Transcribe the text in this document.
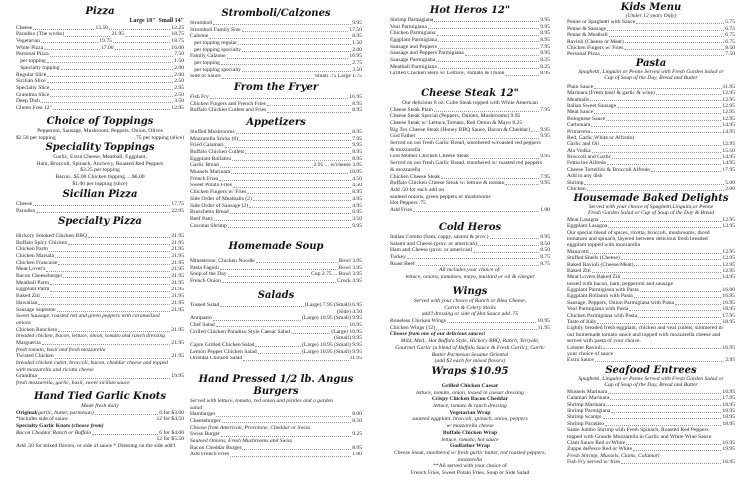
Pizza
Large 18"  Small 14"
Cheese	13.50	12.25
Paradiso (The works)	21.95	18.75
Vegetarian	19.75	18.75
White Pizza	17.00	16.00
Personal Pizza	7.50
per topping	1.50
Specialty topping	2.00
Regular Slice	2.00
Sicilian Slice	2.50
Specialty Slice	2.95
Grandma Slice	2.50
Deep Dish	3.50
Gluten Free 12"	12.95
Choice of Toppings
Pepperoni, Sausage, Mushroom, Peppers, Onion, Olives
$2.50 per topping	.75 per topping (slice)
Speciality Toppings
Garlic, Extra Cheese, Meatball, Eggplant,
Ham, Broccoli, Spinach, Anchovy, Roasted Red Peppers
$3.25 per topping
Bacon...$5.00 Chicken topping.....$6.00
$1.00 per topping (slice)
Sicilian Pizza
Cheese	17.75
Paradiso	22.95
Specialty Pizza
Hickory Smoked Chicken BBQ	21.95
Buffalo Spicy Chicken	21.95
Chicken Parm	21.95
Chicken Marsala	21.95
Chicken Francaise	21.95
Meat Lover's	21.95
Bacon Cheeseburger	21.95
Meatball Parm	21.95
Eggplant Parm	21.95
Baked Ziti	21.95
Hawaiian	21.95
Sausage Supreme	21.95
Sweet Sausage, roasted red and green peppers with caramelized
onions
Chicken Ranchero	21.95
breaded chicken, bacon, lettuce, onion, tomato and ranch dressing
Marguerita	21.95
fresh tomato, basil and fresh mozzarella
Twisted Chicken	21.95
breaded chicken cutlet, broccoli, bacon, cheddar cheese and topped
with mozzarella and ricotta cheese
Grandma	19.95
fresh mozzarella, garlic, basil, sweet sicilian sauce
Hand Tied Garlic Knots
Made fresh daily
Original (garlic, butter, parmesan)	6 for $3.00
*includes side of sauce	12 for $4.50
Specialty Garlic Knots (choose from)
Bacon Cheddar Ranch or Buffalo	6 for $4.00
12 for $5.50
Add .50 for mixed flavors, or side of sauce * Dressing on the side add'l
Stromboli/Calzones
Stromboli	9.95
Stromboli Family Size	17.50
Calzone	8.95
per topping regular	1.50
per topping specialty	2.00
Family Calzone	16.95
per topping	2.75
per topping specialty	3.50
Side of Sauce	Small .75 Large 1.75
From the Fryer
Fish Fry	16.95
Chicken Fingers and French Fries	8.95
Buffalo Chicken Cutlets and Fries	8.95
Appetizers
Stuffed Mushrooms	8.95
Mozzarella Sticks (6)	7.95
Fried Calamari	9.95
Buffalo Chicken Cutlets	8.95
Eggplant Rollatini	8.95
Garlic Bread	2.95 ... w/cheese 3.95
Mussels Marinara	10.95
French Fries	4.50
Sweet Potato Fries	4.50
Chicken Fingers w/ Fries	8.95
Side Order of Meatballs (2)	4.95
Side Order of Sausage (2)	4.95
Bruschetta Bread	6.95
Beef Patty	3.50
Coconut Shrimp	9.95
Homemade Soup
Minestrone, Chicken Noodle	Bowl 3.95
Pasta Fagioli	Bowl 3.95
Soup of the Day	Cup 2.75 ... Bowl 3.95
French Onion	Crock 4.95
Salads
Tossed Salad	(Large) 7.95 (Small) 6.95
(Side) 4.50
Antipasto	(Large) 10.95 (Small) 9.95
Chef Salad	10.95
Grilled Chicken Paradiso Style Caesar Salad	(Large) 10.95
(Small) 9.95
Cajun Grilled Chicken Salad	(Large) 10.95 (Small) 9.95
Lemon Pepper Chicken Salad	(Large) 10.95 (Small) 9.95
Oriental Chicken Salad	11.95
Hand Pressed 1/2 lb. Angus Burgers
Served with lettuce, tomato, red onion and pickles and a garden
salad
Hamburger	8.00
Cheeseburger	8.50
Choose from American, Provolone, Cheddar or Swiss
Swiss Burger	9.25
Sauteed Onions, Fresh Mushrooms and Swiss
Bacon Cheddar Burger	8.95
Add French Fries	1.00
Hot Heros 12"
Shrimp Parmigiana	9.95
Veal Parmigiana	9.95
Chicken Parmigiana	8.95
Eggplant Parmigiana	8.95
Sausage and Peppers	7.95
Sausage and Peppers Parmigiana	8.95
Sausage Parmigiana	8.25
Meatball Parmigiana	8.25
Grilled Chicken Hero w/ Lettuce, Tomato & Onion	8.95
Cheese Steak 12"
Our delicious 8 oz. Cube Steak topped with White American
Cheese Steak Plain	7.95
Cheese Steak Special (Peppers, Onions, Mushrooms) 9.95
Cheese Steak w/ Lettuce,Tomato, Red Onion & Mayo 8.25
Big Tex Cheese Steak (Honey BBQ Sauce, Bacon & Cheddar) 9.95
God Father	9.95
Served on our fresh Garlic Bread, smothered w/roasted red peppers
& mozzarella
God Mother Chicken Cheese Steak	9.95
Served on our fresh Garlic Bread, smothered w/ roasted red peppers
& mozzarella
Chicken Cheese Steak	7.95
Buffalo Chicken Cheese Steak w/ lettuce & tomato	9.95
Add .50 for each add on
sauteed onions, green peppers or mushrooms
Hot Peppers .75
Add Fries	1.00
Cold Heros
Italian Combo (ham, cappy, salami & prov.)	8.95
Salami and Cheese (prov. or american)	8.50
Ham and Cheese (prov. or american)	8.50
Turkey	8.75
Roast Beef	8.75
All includes your choice of:
lettuce, onions, tomatoes, mayo, mustard or oil & vinegar
Wings
Served with your choice of Ranch or Bleu Cheese,
Carrot & Celery Sticks
add'l dressing or side of Hot Sauce add .75
Boneless Chicken Wings	10.95
Chicken Wings (12)	11.95
Choose from one of our delicious sauces!
Mild, Med., Hot Buffalo Style, Hickory BBQ, Ranch, Teriyaki,
Gourmet Garlic (a blend of Buffalo Sauce & Fresh Garlic), Garlic
Butter Parmesan Sesame Oriental
(add $2 each for mixed flavors)
Wraps $10.95
Grilled Chicken Caesar
lettuce, tomato, onion, tossed in caesar dressing
Crispy Chicken Bacon Cheddar
lettuce, tomato & ranch dressing
Vegetarian Wrap
sauteed eggplant, broccoli, spinach, onion, peppers
w/ mozzarella cheese
Buffalo Chicken Wrap
lettuce, tomato, hot sauce
Godfather Wrap
Cheese Steak, smothered w/ fresh garlic butter, red roasted peppers,
mozzarella
**All served with your choice of
French Fries, Sweet Potato Fries, Soup or Side Salad
Kids Menu
(Under 12 years Only)
Penne or Spaghetti with Sauce	5.75
Penne & Sausage	6.75
Penne & Meatball	6.75
Ravioli (Cheese or Meat)	6.75
Chicken Fingers w/ Fries	8.50
Personal Pizza	7.50
Pasta
Spaghetti, Linguini or Penne Served with Fresh Garden Salad or
Cup of Soup of the Day, Bread and Butter
Plain Sauce	11.95
Marinara (Fresh basil & garlic & wine)	12.95
Meatballs	12.95
Italian Sweet Sausage	12.95
Meat Sauce	12.95
Bolognese Sauce	12.95
Carbonara	14.95
Primavera	14.95
Red, Garlic,White or Alfredo)
Garlic and Oil	12.95
Ala Vodka	15.50
Broccoli and Garlic	14.95
Fettucine Alfredo	14.95
Cheese Tortellini & Broccoli Alfredo	17.95
Add to any dish
Shrimp	5.00
Chicken	2.00
Housemade Baked Delights
Served with your choice of Spaghetti,Linguini,or Penne
Fresh Garden Salad or Cup of Soup of the Day & Bread
Meat Lasagna	12.95
Eggplant Lasagna	13.95
Our special blend of spices, ricotta, broccoli, mushrooms, diced
tomatoes and spinach, layered between delicious fresh breaded
eggplant topped with mozzarella
Manicotti	12.95
Stuffed Shells (Cheese)	12.95
Baked Ravioli (Cheese/Meat)	12.95
Baked Ziti	12.95
Meat Lovers Baked Ziti	14.95
tossed with bacon, ham, pepperoni and sausage
Eggplant Parmigiana with Pasta	16.00
Eggplant Rollatini with Pasta	16.95
Sausage, Peppers, Onion Parmigiana with Pasta	16.95
Veal Parmigiana with Pasta	18.95
Chicken Parmigiana with Pasta	17.95
Taste of Italy	18.95
Lightly breaded fresh eggplant, chicken and veal cutlets, simmered in
our homemade tomato sauce and topped with mozzarella cheese and
served with pasta of your choice.
Lobster Ravioli	16.95
your choice of sauce
Extra Sauce	2.95
Seafood Entrees
Spaghetti, Linguini or Penne Served with Fresh Garden Salad or
Cup of Soup of the Day, Bread and Butter
Mussels Marinara	16.95
Calamari Marinara	17.95
Shrimp Marinara	18.95
Shrimp Parmigiana	18.95
Shrimp Scampi	18.95
Shrimp Paradiso	18.95
Saute Jumbo Shrimp with Fresh Spinach, Roasted Red Peppers
topped with Grande Mozzarella in Garlic and White Wine Sauce
Clam Sauce Red or White	16.95
Zuppe dePesce Red or White	19.95
Fresh Shrimp, Mussels, Clams, Calamari
Fish Fry served w/ fries	16.95
